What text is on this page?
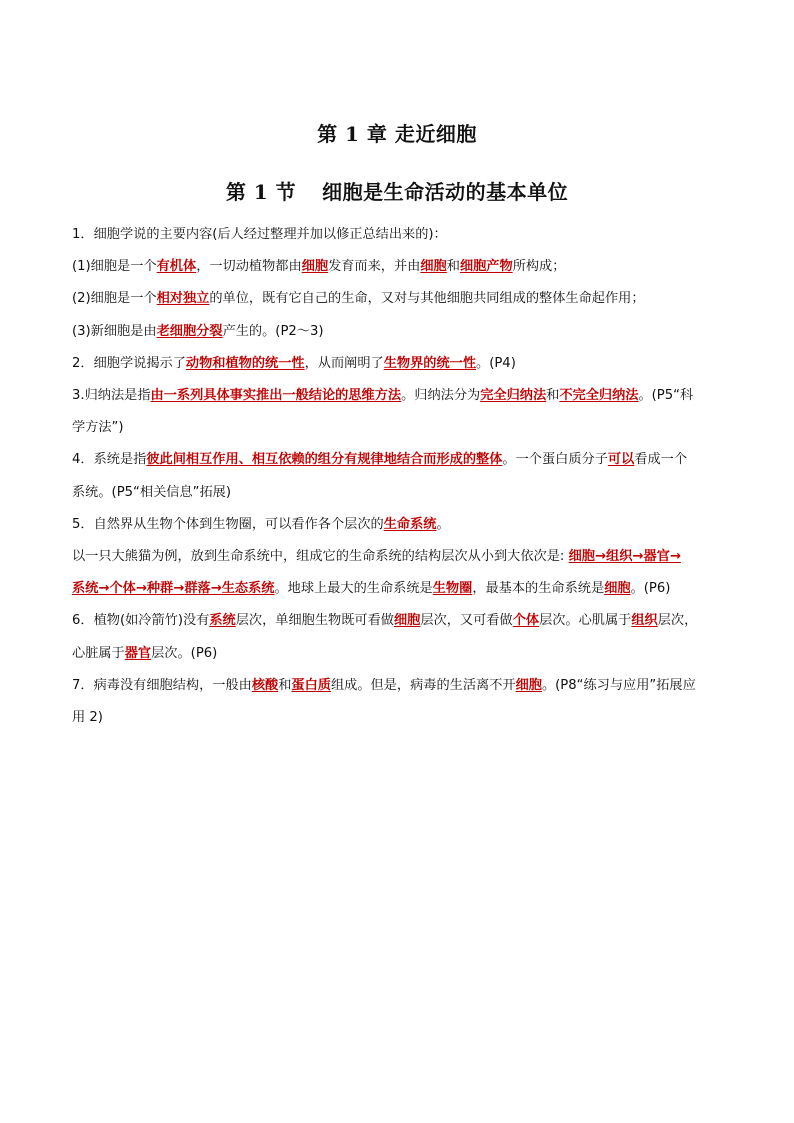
第 1 章 走近细胞
第 1 节 细胞是生命活动的基本单位
1．细胞学说的主要内容(后人经过整理并加以修正总结出来的)：
(1)细胞是一个有机体，一切动植物都由细胞发育而来，并由细胞和细胞产物所构成；
(2)细胞是一个相对独立的单位，既有它自己的生命，又对与其他细胞共同组成的整体生命起作用；
(3)新细胞是由老细胞分裂产生的。(P2～3)
2．细胞学说揭示了动物和植物的统一性，从而阐明了生物界的统一性。(P4)
3.归纳法是指由一系列具体事实推出一般结论的思维方法。归纳法分为完全归纳法和不完全归纳法。(P5“科
学方法”)
4．系统是指彼此间相互作用、相互依赖的组分有规律地结合而形成的整体。一个蛋白质分子可以看成一个
系统。(P5“相关信息”拓展)
5．自然界从生物个体到生物圈，可以看作各个层次的生命系统。
以一只大熊猫为例，放到生命系统中，组成它的生命系统的结构层次从小到大依次是: 细胞→组织→器官→
系统→个体→种群→群落→生态系统。地球上最大的生命系统是生物圈，最基本的生命系统是细胞。(P6)
6．植物(如冷箭竹)没有系统层次，单细胞生物既可看做细胞层次，又可看做个体层次。心肌属于组织层次，
心脏属于器官层次。(P6)
7．病毒没有细胞结构，一般由核酸和蛋白质组成。但是，病毒的生活离不开细胞。(P8“练习与应用”拓展应
用 2)
